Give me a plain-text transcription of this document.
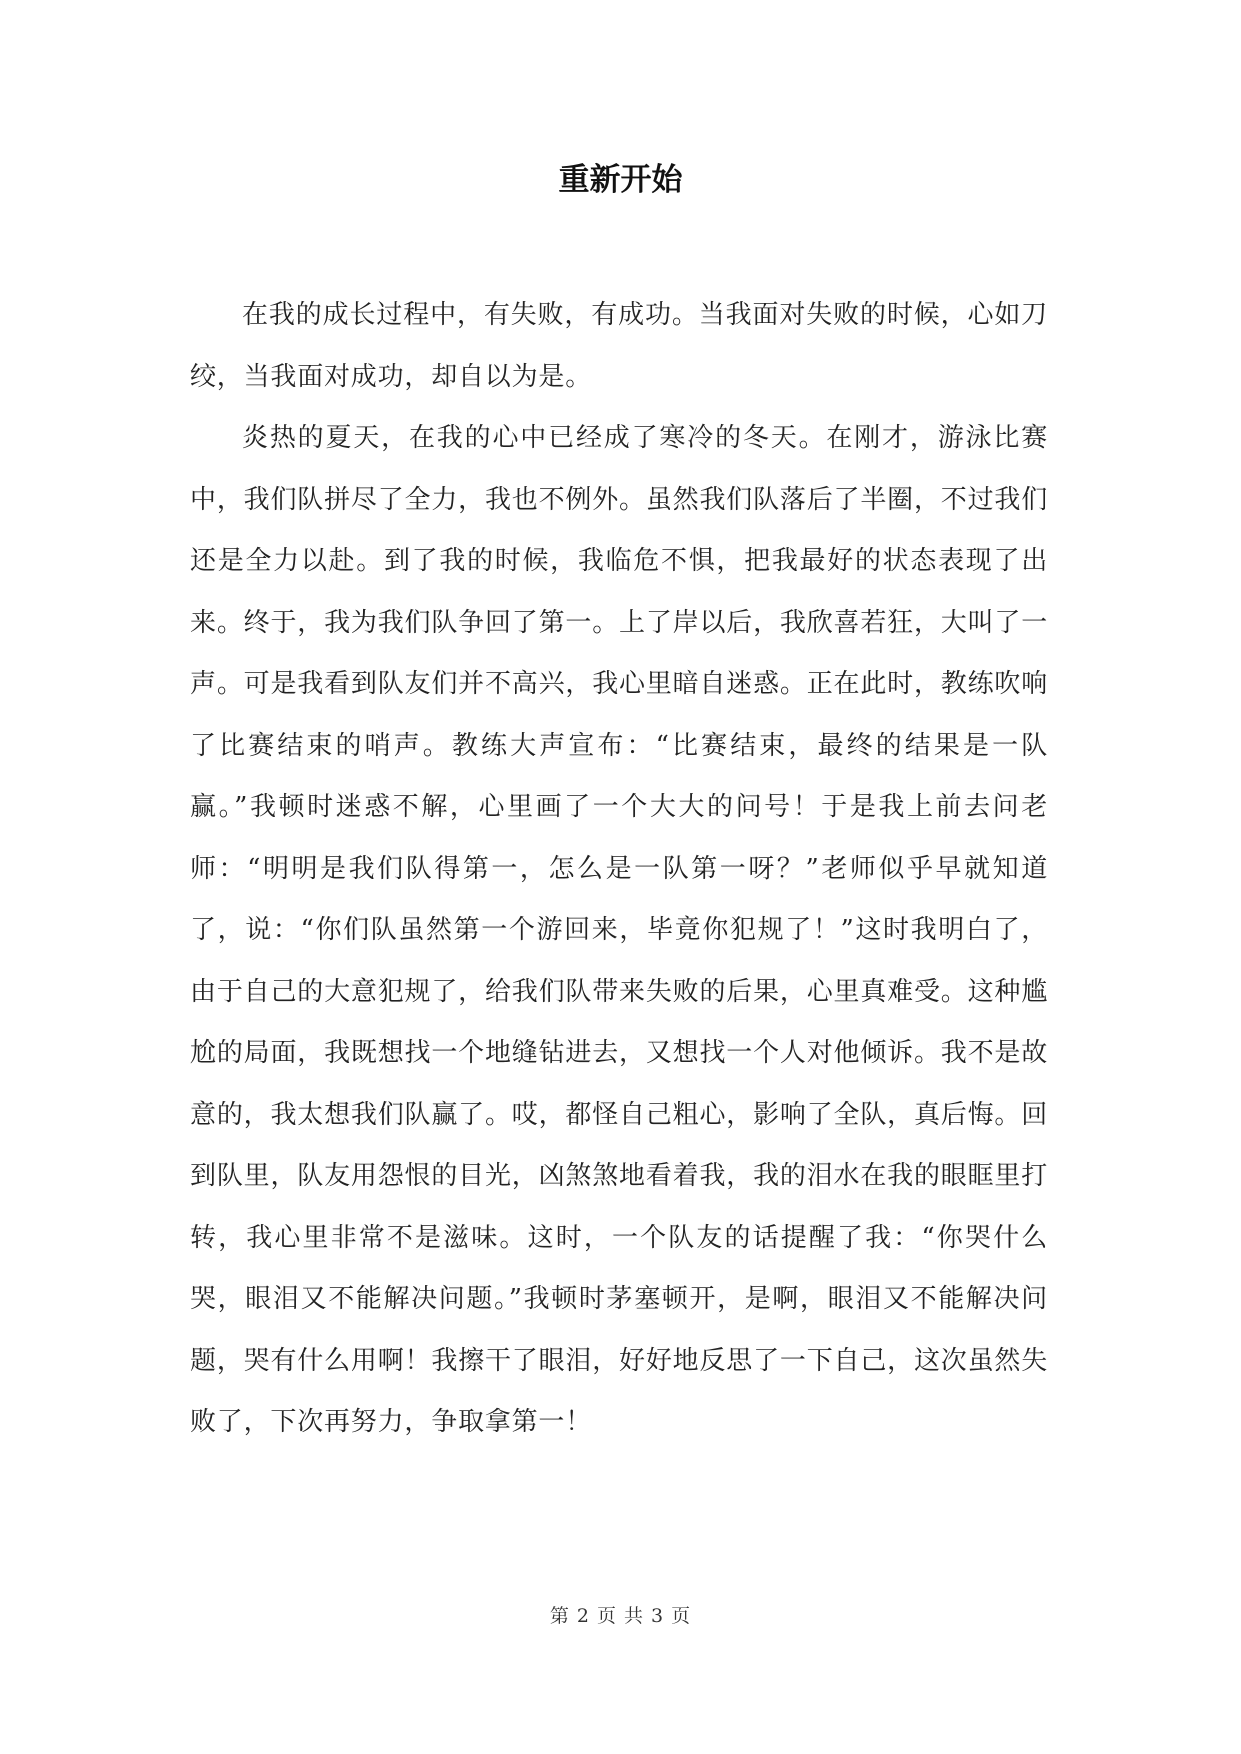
重新开始

在我的成长过程中，有失败，有成功。当我面对失败的时候，心如刀绞，当我面对成功，却自以为是。

炎热的夏天，在我的心中已经成了寒冷的冬天。在刚才，游泳比赛中，我们队拼尽了全力，我也不例外。虽然我们队落后了半圈，不过我们还是全力以赴。到了我的时候，我临危不惧，把我最好的状态表现了出来。终于，我为我们队争回了第一。上了岸以后，我欣喜若狂，大叫了一声。可是我看到队友们并不高兴，我心里暗自迷惑。正在此时，教练吹响了比赛结束的哨声。教练大声宣布：“比赛结束，最终的结果是一队赢。”我顿时迷惑不解，心里画了一个大大的问号！于是我上前去问老师：“明明是我们队得第一，怎么是一队第一呀？”老师似乎早就知道了，说：“你们队虽然第一个游回来，毕竟你犯规了！”这时我明白了，由于自己的大意犯规了，给我们队带来失败的后果，心里真难受。这种尴尬的局面，我既想找一个地缝钻进去，又想找一个人对他倾诉。我不是故意的，我太想我们队赢了。哎，都怪自己粗心，影响了全队，真后悔。回到队里，队友用怨恨的目光，凶煞煞地看着我，我的泪水在我的眼眶里打转，我心里非常不是滋味。这时，一个队友的话提醒了我：“你哭什么哭，眼泪又不能解决问题。”我顿时茅塞顿开，是啊，眼泪又不能解决问题，哭有什么用啊！我擦干了眼泪，好好地反思了一下自己，这次虽然失败了，下次再努力，争取拿第一！

第 2 页 共 3 页
